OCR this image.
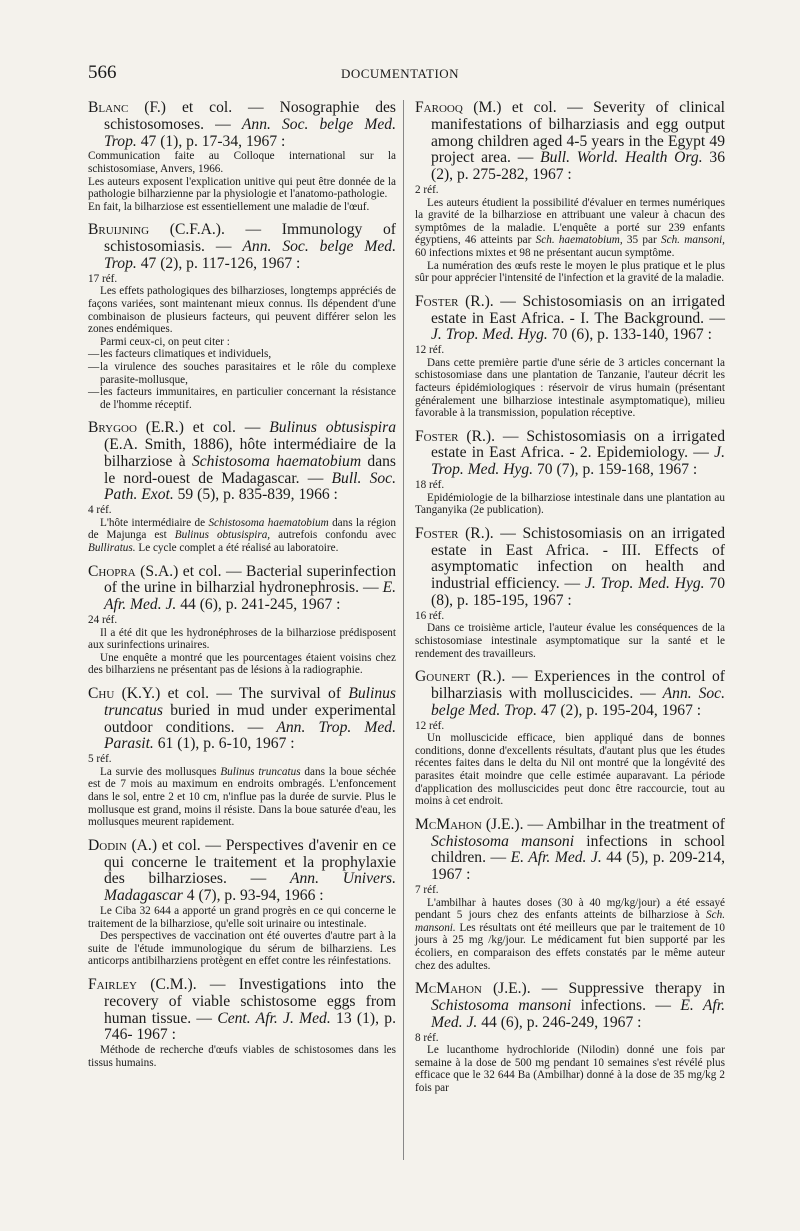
566	DOCUMENTATION
Blanc (F.) et col. — Nosographie des schistosomoses. — Ann. Soc. belge Med. Trop. 47 (1), p. 17-34, 1967 :

Communication faite au Colloque international sur la schistosomiase, Anvers, 1966.

Les auteurs exposent l'explication unitive qui peut être donnée de la pathologie bilharzienne par la physiologie et l'anatomo-pathologie.

En fait, la bilharziose est essentiellement une maladie de l'œuf.

Bruijning (C.F.A.). — Immunology of schistosomiasis. — Ann. Soc. belge Med. Trop. 47 (2), p. 117-126, 1967 :

17 réf.

Les effets pathologiques des bilharzioses, longtemps appréciés de façons variées, sont maintenant mieux connus. Ils dépendent d'une combinaison de plusieurs facteurs, qui peuvent différer selon les zones endémiques.

Parmi ceux-ci, on peut citer :

— les facteurs climatiques et individuels,

— la virulence des souches parasitaires et le rôle du complexe parasite-mollusque,

— les facteurs immunitaires, en particulier concernant la résistance de l'homme réceptif.

Brygoo (E.R.) et col. — Bulinus obtusispira (E.A. Smith, 1886), hôte intermédiaire de la bilharziose à Schistosoma haematobium dans le nord-ouest de Madagascar. — Bull. Soc. Path. Exot. 59 (5), p. 835-839, 1966 :

4 réf.

L'hôte intermédiaire de Schistosoma haematobium dans la région de Majunga est Bulinus obtusispira, autrefois confondu avec Bulliratus. Le cycle complet a été réalisé au laboratoire.

Chopra (S.A.) et col. — Bacterial superinfection of the urine in bilharzial hydronephrosis. — E. Afr. Med. J. 44 (6), p. 241-245, 1967 :

24 réf.

Il a été dit que les hydronéphroses de la bilharziose prédisposent aux surinfections urinaires.

Une enquête a montré que les pourcentages étaient voisins chez des bilharziens ne présentant pas de lésions à la radiographie.

Chu (K.Y.) et col. — The survival of Bulinus truncatus buried in mud under experimental outdoor conditions. — Ann. Trop. Med. Parasit. 61 (1), p. 6-10, 1967 :

5 réf.

La survie des mollusques Bulinus truncatus dans la boue séchée est de 7 mois au maximum en endroits ombragés. L'enfoncement dans le sol, entre 2 et 10 cm, n'influe pas la durée de survie. Plus le mollusque est grand, moins il résiste. Dans la boue saturée d'eau, les mollusques meurent rapidement.

Dodin (A.) et col. — Perspectives d'avenir en ce qui concerne le traitement et la prophylaxie des bilharzioses. — Ann. Univers. Madagascar 4 (7), p. 93-94, 1966 :

Le Ciba 32 644 a apporté un grand progrès en ce qui concerne le traitement de la bilharziose, qu'elle soit urinaire ou intestinale.

Des perspectives de vaccination ont été ouvertes d'autre part à la suite de l'étude immunologique du sérum de bilharziens. Les anticorps antibilharziens protègent en effet contre les réinfestations.

Fairley (C.M.). — Investigations into the recovery of viable schistosome eggs from human tissue. — Cent. Afr. J. Med. 13 (1), p. 746- 1967 :

Méthode de recherche d'œufs viables de schistosomes dans les tissus humains.

Farooq (M.) et col. — Severity of clinical manifestations of bilharziasis and egg output among children aged 4-5 years in the Egypt 49 project area. — Bull. World. Health Org. 36 (2), p. 275-282, 1967 :

2 réf.

Les auteurs étudient la possibilité d'évaluer en termes numériques la gravité de la bilharziose en attribuant une valeur à chacun des symptômes de la maladie. L'enquête a porté sur 239 enfants égyptiens, 46 atteints par Sch. haematobium, 35 par Sch. mansoni, 60 infections mixtes et 98 ne présentant aucun symptôme.

La numération des œufs reste le moyen le plus pratique et le plus sûr pour apprécier l'intensité de l'infection et la gravité de la maladie.

Foster (R.). — Schistosomiasis on an irrigated estate in East Africa. - I. The Background. — J. Trop. Med. Hyg. 70 (6), p. 133-140, 1967 :

12 réf.

Dans cette première partie d'une série de 3 articles concernant la schistosomiase dans une plantation de Tanzanie, l'auteur décrit les facteurs épidémiologiques : réservoir de virus humain (présentant généralement une bilharziose intestinale asymptomatique), milieu favorable à la transmission, population réceptive.

Foster (R.). — Schistosomiasis on a irrigated estate in East Africa. - 2. Epidemiology. — J. Trop. Med. Hyg. 70 (7), p. 159-168, 1967 :

18 réf.

Epidémiologie de la bilharziose intestinale dans une plantation au Tanganyika (2e publication).

Foster (R.). — Schistosomiasis on an irrigated estate in East Africa. - III. Effects of asymptomatic infection on health and industrial efficiency. — J. Trop. Med. Hyg. 70 (8), p. 185-195, 1967 :

16 réf.

Dans ce troisième article, l'auteur évalue les conséquences de la schistosomiase intestinale asymptomatique sur la santé et le rendement des travailleurs.

Gounert (R.). — Experiences in the control of bilharziasis with molluscicides. — Ann. Soc. belge Med. Trop. 47 (2), p. 195-204, 1967 :

12 réf.

Un molluscicide efficace, bien appliqué dans de bonnes conditions, donne d'excellents résultats, d'autant plus que les études récentes faites dans le delta du Nil ont montré que la longévité des parasites était moindre que celle estimée auparavant. La période d'application des molluscicides peut donc être raccourcie, tout au moins à cet endroit.

McMahon (J.E.). — Ambilhar in the treatment of Schistosoma mansoni infections in school children. — E. Afr. Med. J. 44 (5), p. 209-214, 1967 :

7 réf.

L'ambilhar à hautes doses (30 à 40 mg/kg/jour) a été essayé pendant 5 jours chez des enfants atteints de bilharziose à Sch. mansoni. Les résultats ont été meilleurs que par le traitement de 10 jours à 25 mg /kg/jour. Le médicament fut bien supporté par les écoliers, en comparaison des effets constatés par le même auteur chez des adultes.

McMahon (J.E.). — Suppressive therapy in Schistosoma mansoni infections. — E. Afr. Med. J. 44 (6), p. 246-249, 1967 :

8 réf.

Le lucanthome hydrochloride (Nilodin) donné une fois par semaine à la dose de 500 mg pendant 10 semaines s'est révélé plus efficace que le 32 644 Ba (Ambilhar) donné à la dose de 35 mg/kg 2 fois par
